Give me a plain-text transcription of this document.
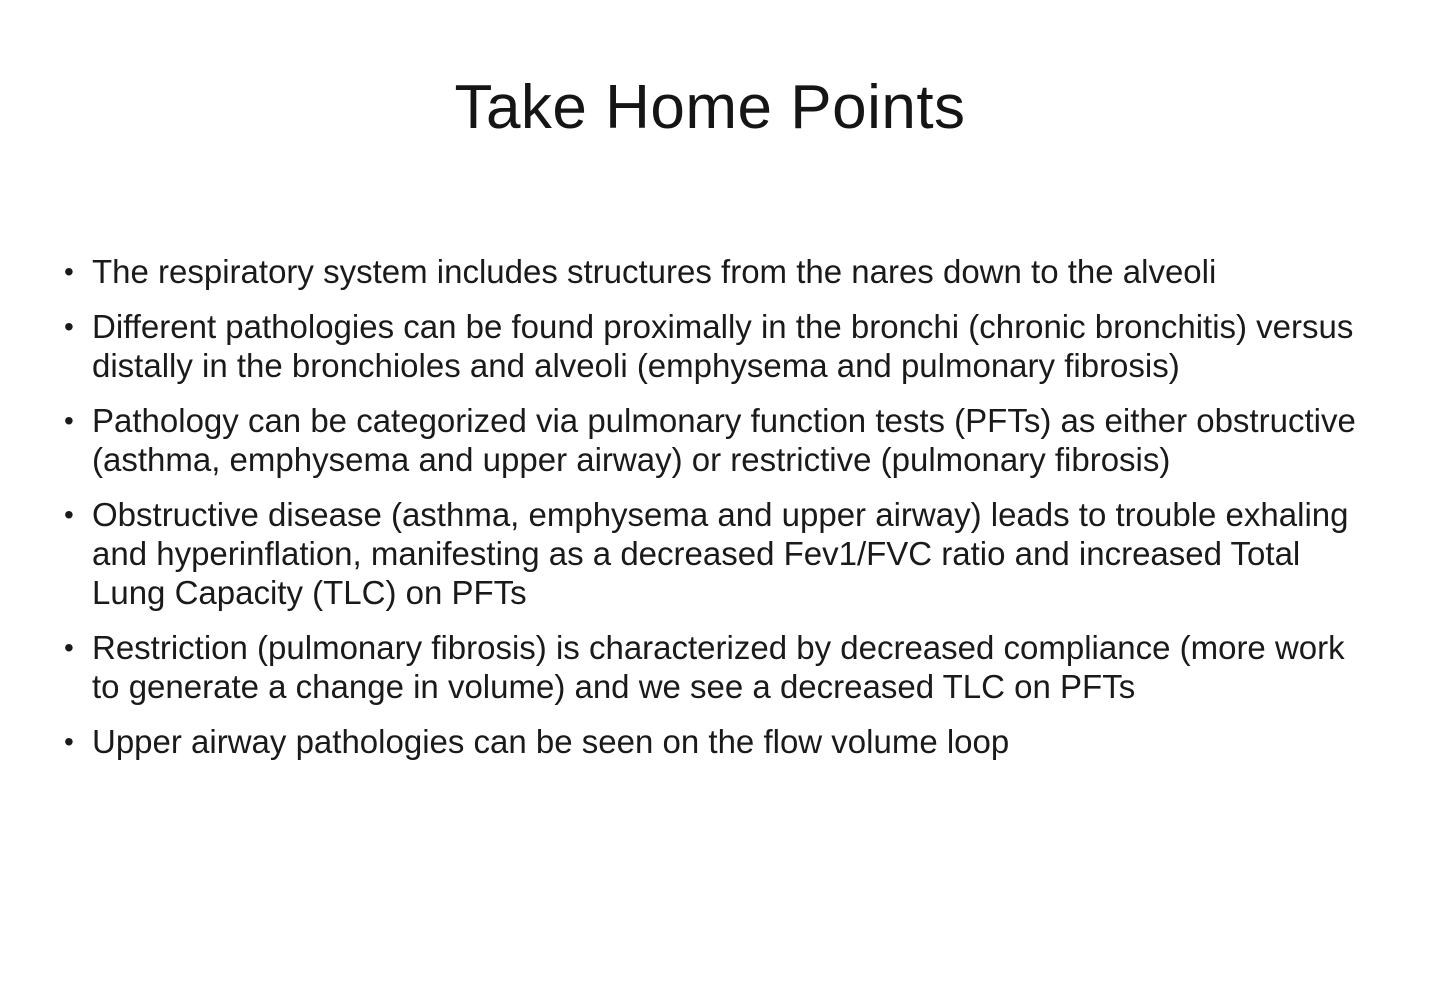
Take Home Points
• The respiratory system includes structures from the nares down to the alveoli
• Different pathologies can be found proximally in the bronchi (chronic bronchitis) versus distally in the bronchioles and alveoli (emphysema and pulmonary fibrosis)
• Pathology can be categorized via pulmonary function tests (PFTs) as either obstructive (asthma, emphysema and upper airway) or restrictive (pulmonary fibrosis)
• Obstructive disease (asthma, emphysema and upper airway) leads to trouble exhaling and hyperinflation, manifesting as a decreased Fev1/FVC ratio and increased Total Lung Capacity (TLC) on PFTs
• Restriction (pulmonary fibrosis) is characterized by decreased compliance (more work to generate a change in volume) and we see a decreased TLC on PFTs
• Upper airway pathologies can be seen on the flow volume loop
